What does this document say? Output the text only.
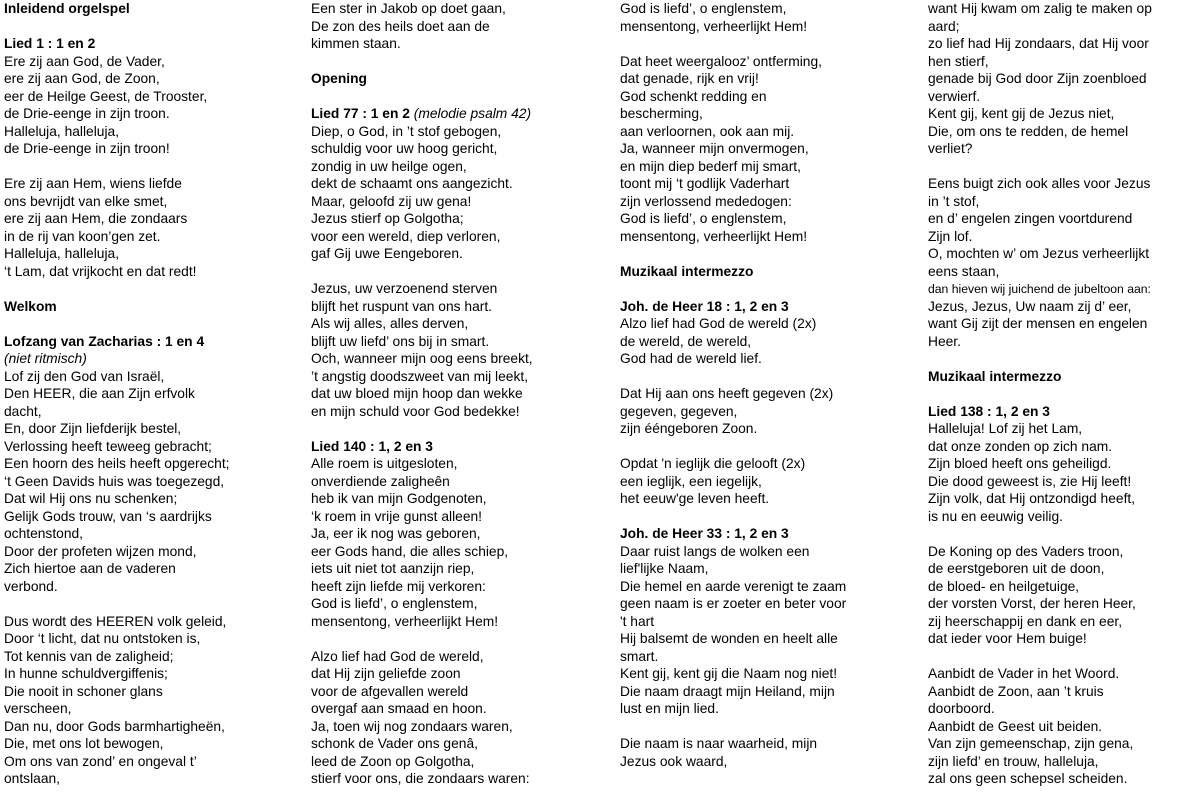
Inleidend orgelspel
Lied 1 : 1 en 2
Ere zij aan God, de Vader,
ere zij aan God, de Zoon,
eer de Heilge Geest, de Trooster,
de Drie-eenge in zijn troon.
Halleluja, halleluja,
de Drie-eenge in zijn troon!
Ere zij aan Hem, wiens liefde
ons bevrijdt van elke smet,
ere zij aan Hem, die zondaars
in de rij van koon’gen zet.
Halleluja, halleluja,
‘t Lam, dat vrijkocht en dat redt!
Welkom
Lofzang van Zacharias : 1 en 4
(niet ritmisch)
Lof zij den God van Israël,
Den HEER, die aan Zijn erfvolk
dacht,
En, door Zijn liefderijk bestel,
Verlossing heeft teweeg gebracht;
Een hoorn des heils heeft opgerecht;
‘t Geen Davids huis was toegezegd,
Dat wil Hij ons nu schenken;
Gelijk Gods trouw, van ‘s aardrijks
ochtenstond,
Door der profeten wijzen mond,
Zich hiertoe aan de vaderen
verbond.
Dus wordt des HEEREN volk geleid,
Door ‘t licht, dat nu ontstoken is,
Tot kennis van de zaligheid;
In hunne schuldvergiffenis;
Die nooit in schoner glans
verscheen,
Dan nu, door Gods barmhartigheën,
Die, met ons lot bewogen,
Om ons van zond’ en ongeval t’
ontslaan,
Een ster in Jakob op doet gaan,
De zon des heils doet aan de
kimmen staan.
Opening
Lied 77 : 1 en 2 (melodie psalm 42)
Diep, o God, in ’t stof gebogen,
schuldig voor uw hoog gericht,
zondig in uw heilge ogen,
dekt de schaamt ons aangezicht.
Maar, geloofd zij uw gena!
Jezus stierf op Golgotha;
voor een wereld, diep verloren,
gaf Gij uwe Eengeboren.
Jezus, uw verzoenend sterven
blijft het ruspunt van ons hart.
Als wij alles, alles derven,
blijft uw liefd’ ons bij in smart.
Och, wanneer mijn oog eens breekt,
’t angstig doodszweet van mij leekt,
dat uw bloed mijn hoop dan wekke
en mijn schuld voor God bedekke!
Lied 140 : 1, 2 en 3
Alle roem is uitgesloten,
onverdiende zaligheên
heb ik van mijn Godgenoten,
‘k roem in vrije gunst alleen!
Ja, eer ik nog was geboren,
eer Gods hand, die alles schiep,
iets uit niet tot aanzijn riep,
heeft zijn liefde mij verkoren:
God is liefd’, o englenstem,
mensentong, verheerlijkt Hem!
Alzo lief had God de wereld,
dat Hij zijn geliefde zoon
voor de afgevallen wereld
overgaf aan smaad en hoon.
Ja, toen wij nog zondaars waren,
schonk de Vader ons genâ,
leed de Zoon op Golgotha,
stierf voor ons, die zondaars waren:
God is liefd’, o englenstem,
mensentong, verheerlijkt Hem!
Dat heet weergalooz’ ontferming,
dat genade, rijk en vrij!
God schenkt redding en
bescherming,
aan verloornen, ook aan mij.
Ja, wanneer mijn onvermogen,
en mijn diep bederf mij smart,
toont mij ‘t godlijk Vaderhart
zijn verlossend mededogen:
God is liefd’, o englenstem,
mensentong, verheerlijkt Hem!
Muzikaal intermezzo
Joh. de Heer 18 : 1, 2 en 3
Alzo lief had God de wereld (2x)
de wereld, de wereld,
God had de wereld lief.
Dat Hij aan ons heeft gegeven (2x)
gegeven, gegeven,
zijn ééngeboren Zoon.
Opdat 'n ieglijk die gelooft (2x)
een ieglijk, een iegelijk,
het eeuw'ge leven heeft.
Joh. de Heer 33 : 1, 2 en 3
Daar ruist langs de wolken een
lief'lijke Naam,
Die hemel en aarde verenigt te zaam
geen naam is er zoeter en beter voor
't hart
Hij balsemt de wonden en heelt alle
smart.
Kent gij, kent gij die Naam nog niet!
Die naam draagt mijn Heiland, mijn
lust en mijn lied.
Die naam is naar waarheid, mijn
Jezus ook waard,
want Hij kwam om zalig te maken op
aard;
zo lief had Hij zondaars, dat Hij voor
hen stierf,
genade bij God door Zijn zoenbloed
verwierf.
Kent gij, kent gij de Jezus niet,
Die, om ons te redden, de hemel
verliet?
Eens buigt zich ook alles voor Jezus
in ’t stof,
en d’ engelen zingen voortdurend
Zijn lof.
O, mochten w’ om Jezus verheerlijkt
eens staan,
dan hieven wij juichend de jubeltoon aan:
Jezus, Jezus, Uw naam zij d’ eer,
want Gij zijt der mensen en engelen
Heer.
Muzikaal intermezzo
Lied 138 : 1, 2 en 3
Halleluja! Lof zij het Lam,
dat onze zonden op zich nam.
Zijn bloed heeft ons geheiligd.
Die dood geweest is, zie Hij leeft!
Zijn volk, dat Hij ontzondigd heeft,
is nu en eeuwig veilig.
De Koning op des Vaders troon,
de eerstgeboren uit de doon,
de bloed- en heilgetuige,
der vorsten Vorst, der heren Heer,
zij heerschappij en dank en eer,
dat ieder voor Hem buige!
Aanbidt de Vader in het Woord.
Aanbidt de Zoon, aan ’t kruis
doorboord.
Aanbidt de Geest uit beiden.
Van zijn gemeenschap, zijn gena,
zijn liefd’ en trouw, halleluja,
zal ons geen schepsel scheiden.
